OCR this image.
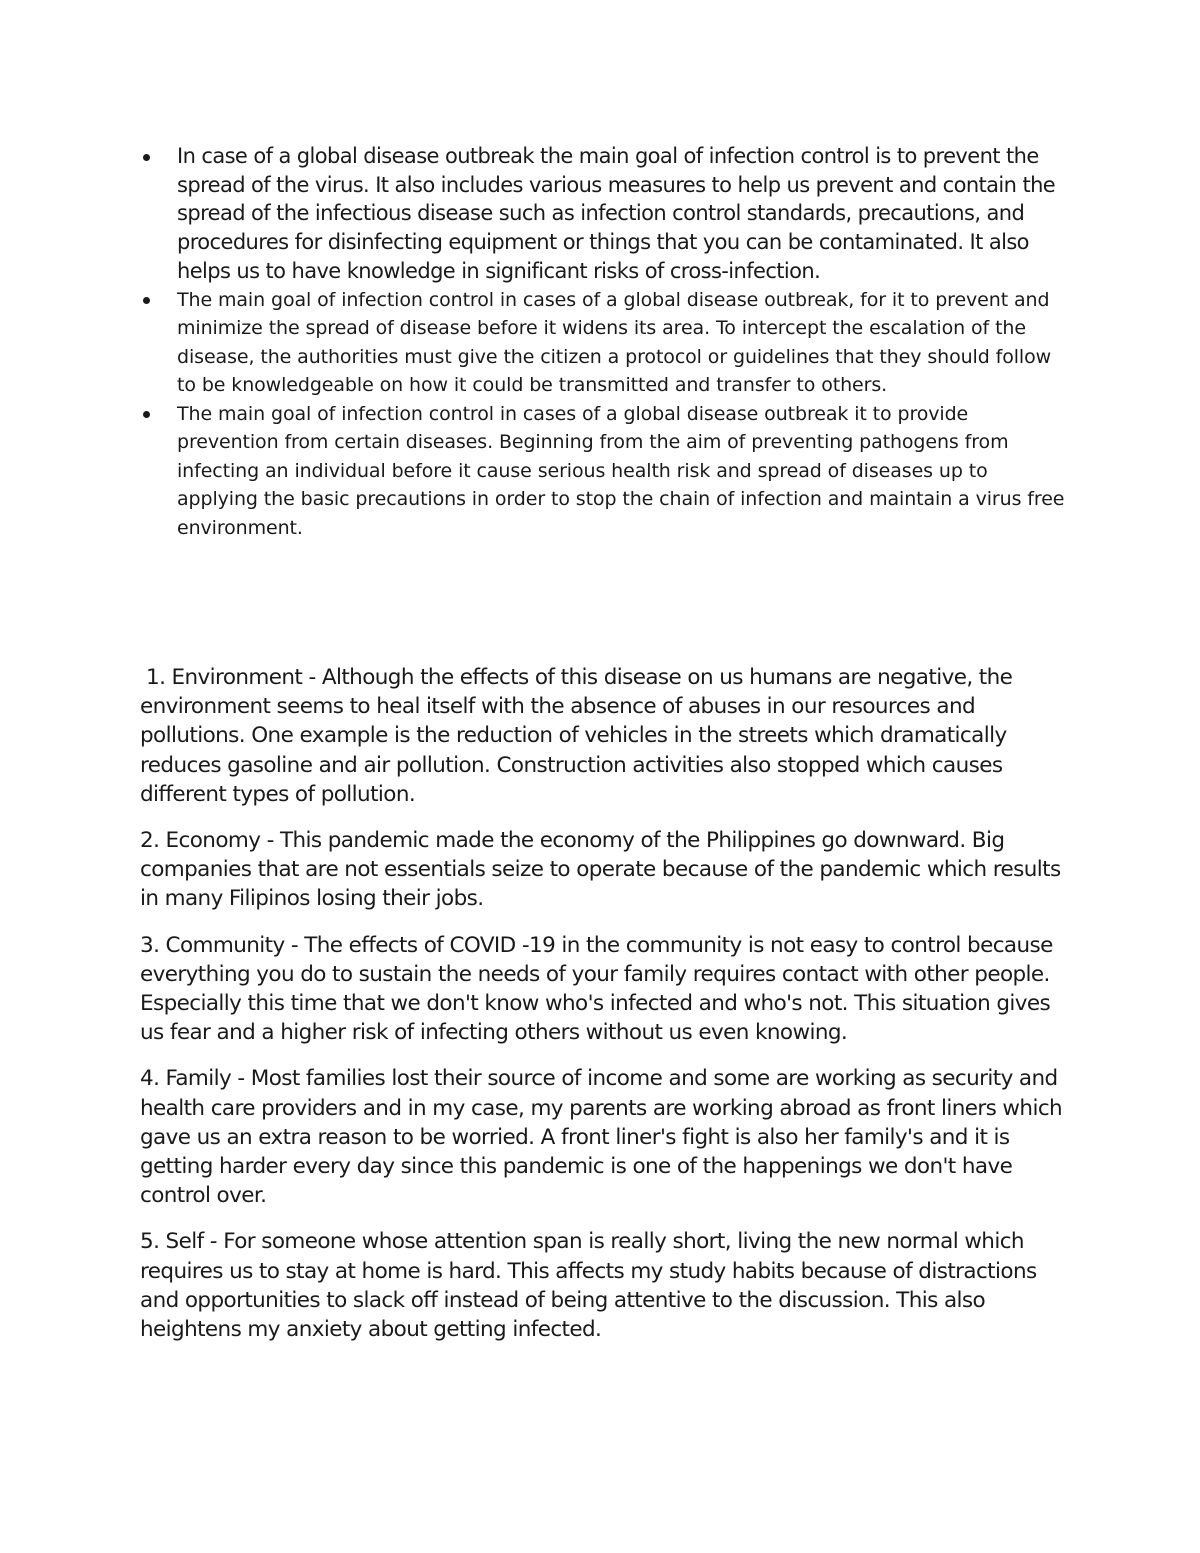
In case of a global disease outbreak the main goal of infection control is to prevent the spread of the virus. It also includes various measures to help us prevent and contain the spread of the infectious disease such as infection control standards, precautions, and procedures for disinfecting equipment or things that you can be contaminated. It also helps us to have knowledge in significant risks of cross-infection.
The main goal of infection control in cases of a global disease outbreak, for it to prevent and minimize the spread of disease before it widens its area. To intercept the escalation of the disease, the authorities must give the citizen a protocol or guidelines that they should follow to be knowledgeable on how it could be transmitted and transfer to others.
The main goal of infection control in cases of a global disease outbreak it to provide prevention from certain diseases. Beginning from the aim of preventing pathogens from infecting an individual before it cause serious health risk and spread of diseases up to applying the basic precautions in order to stop the chain of infection and maintain a virus free environment.

1. Environment - Although the effects of this disease on us humans are negative, the environment seems to heal itself with the absence of abuses in our resources and pollutions. One example is the reduction of vehicles in the streets which dramatically reduces gasoline and air pollution. Construction activities also stopped which causes different types of pollution.

2. Economy - This pandemic made the economy of the Philippines go downward. Big companies that are not essentials seize to operate because of the pandemic which results in many Filipinos losing their jobs.

3. Community - The effects of COVID -19 in the community is not easy to control because everything you do to sustain the needs of your family requires contact with other people. Especially this time that we don't know who's infected and who's not. This situation gives us fear and a higher risk of infecting others without us even knowing.

4. Family - Most families lost their source of income and some are working as security and health care providers and in my case, my parents are working abroad as front liners which gave us an extra reason to be worried. A front liner's fight is also her family's and it is getting harder every day since this pandemic is one of the happenings we don't have control over.

5. Self - For someone whose attention span is really short, living the new normal which requires us to stay at home is hard. This affects my study habits because of distractions and opportunities to slack off instead of being attentive to the discussion. This also heightens my anxiety about getting infected.
